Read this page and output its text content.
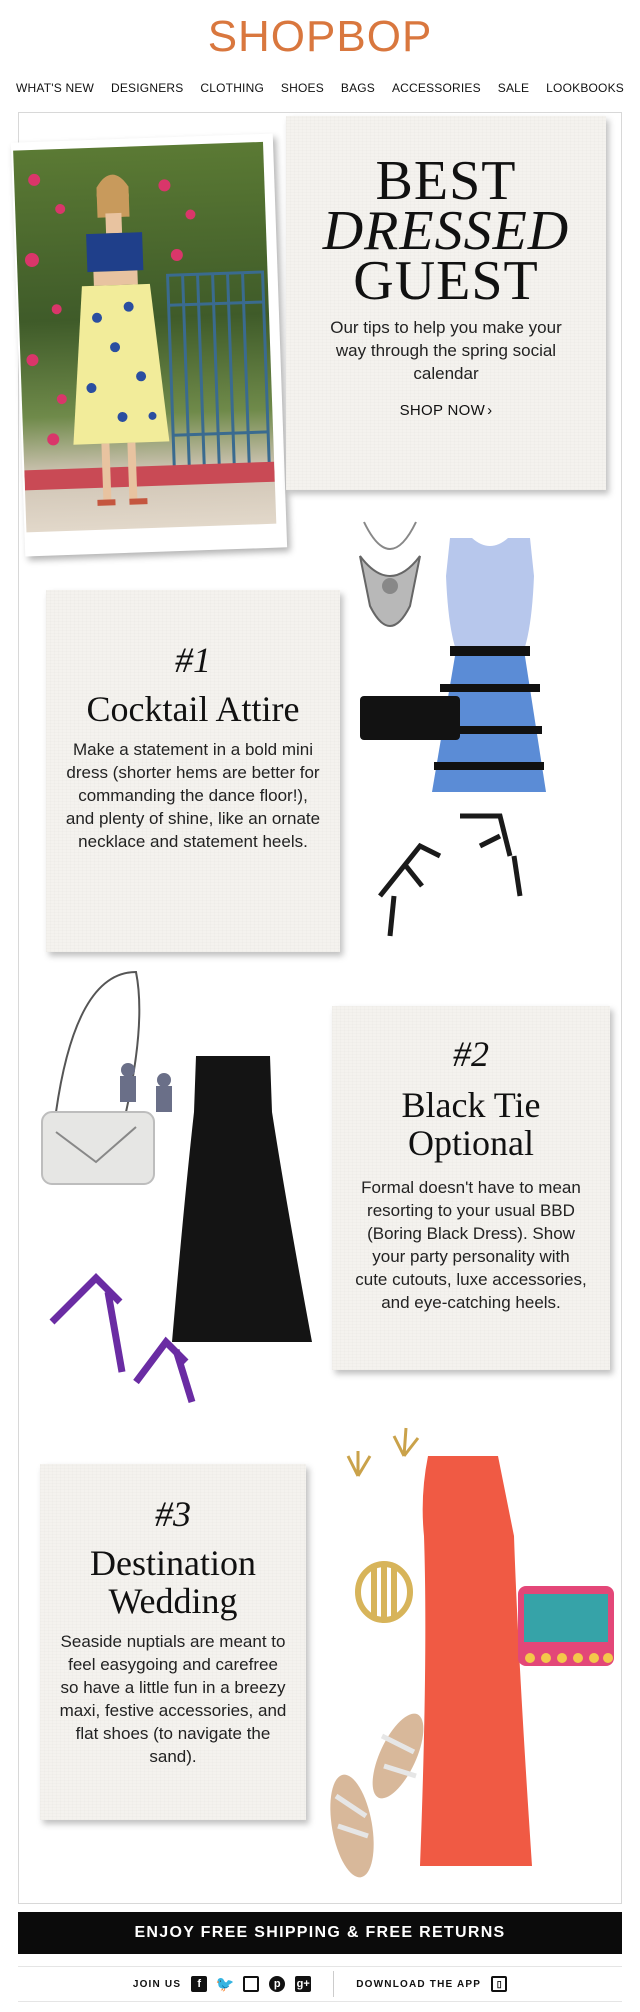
SHOPBOP
WHAT'S NEW DESIGNERS CLOTHING SHOES BAGS ACCESSORIES SALE LOOKBOOKS
BEST
DRESSED
GUEST
Our tips to help you make your way through the spring social calendar
SHOP NOW ›
#1
Cocktail Attire
Make a statement in a bold mini dress (shorter hems are better for commanding the dance floor!), and plenty of shine, like an ornate necklace and statement heels.
#2
Black Tie
Optional
Formal doesn't have to mean resorting to your usual BBD (Boring Black Dress). Show your party personality with cute cutouts, luxe accessories, and eye-catching heels.
#3
Destination
Wedding
Seaside nuptials are meant to feel easygoing and carefree so have a little fun in a breezy maxi, festive accessories, and flat shoes (to navigate the sand).
ENJOY FREE SHIPPING & FREE RETURNS
JOIN US	f 🐦	p	g+	DOWNLOAD THE APP	▯
